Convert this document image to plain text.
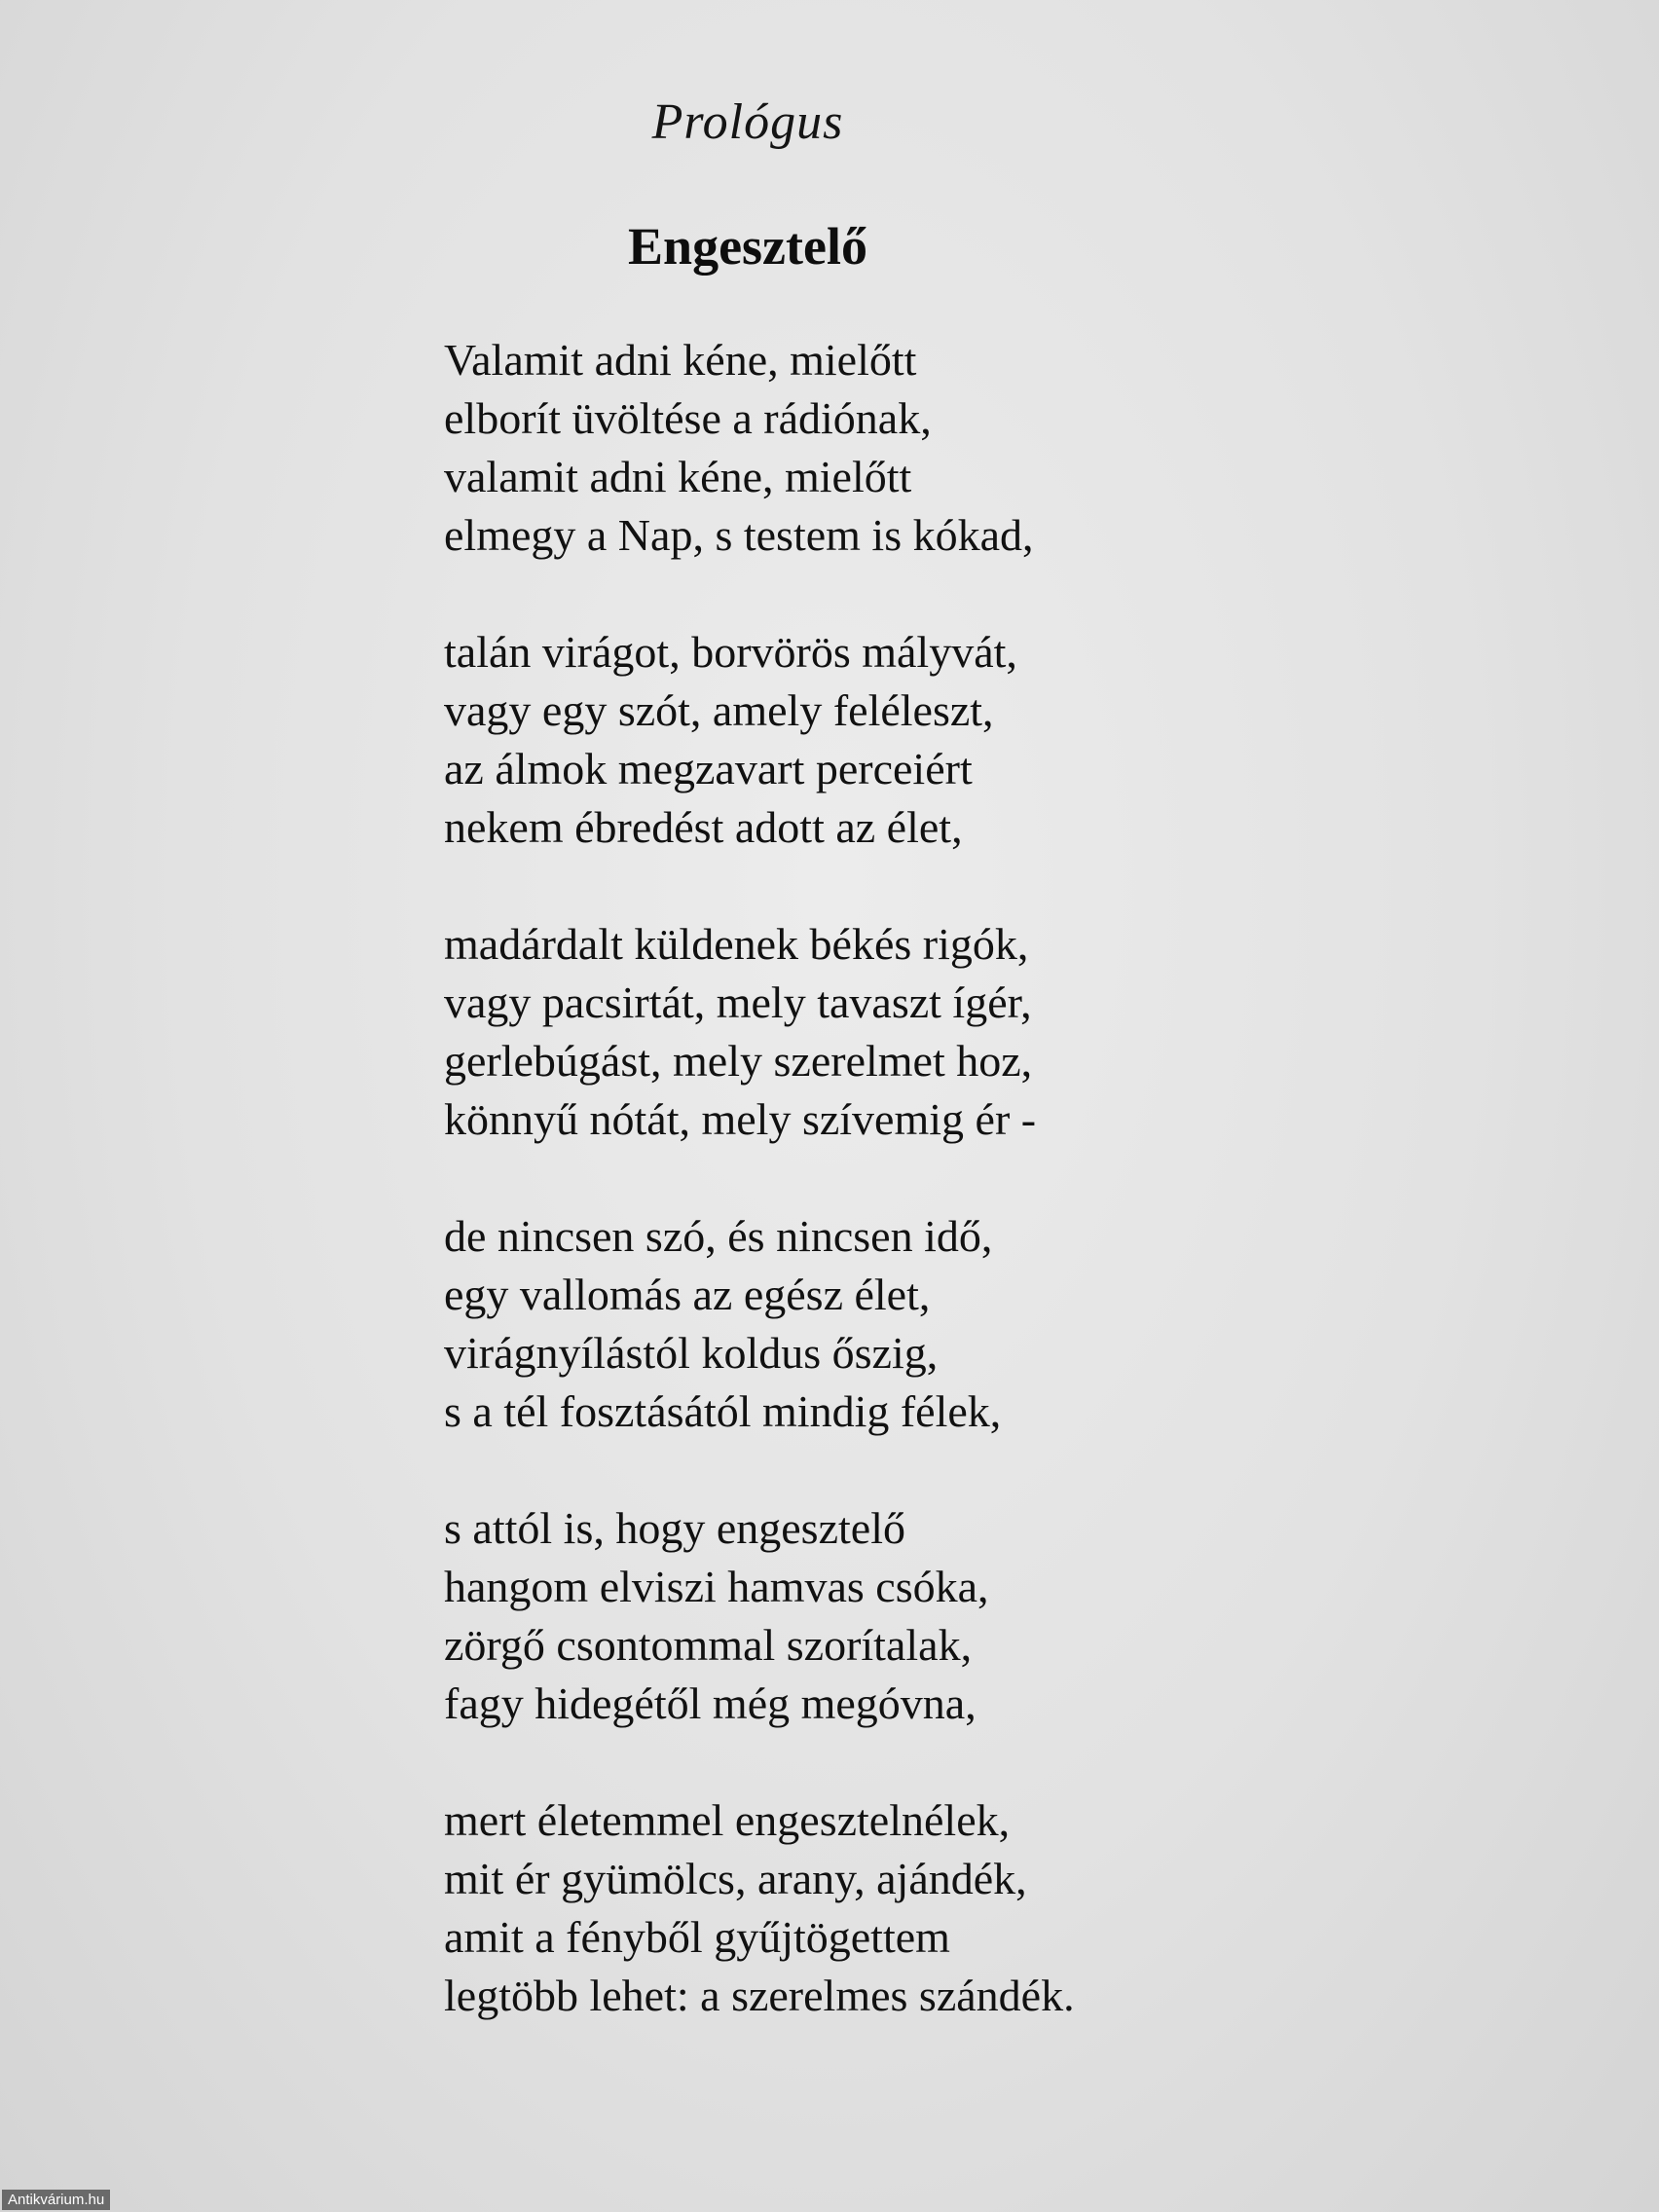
Prológus
Engesztelő
Valamit adni kéne, mielőtt
elborít üvöltése a rádiónak,
valamit adni kéne, mielőtt
elmegy a Nap, s testem is kókad,
talán virágot, borvörös mályvát,
vagy egy szót, amely feléleszt,
az álmok megzavart perceiért
nekem ébredést adott az élet,
madárdalt küldenek békés rigók,
vagy pacsirtát, mely tavaszt ígér,
gerlebúgást, mely szerelmet hoz,
könnyű nótát, mely szívemig ér -
de nincsen szó, és nincsen idő,
egy vallomás az egész élet,
virágnyílástól koldus őszig,
s a tél fosztásától mindig félek,
s attól is, hogy engesztelő
hangom elviszi hamvas csóka,
zörgő csontommal szorítalak,
fagy hidegétől még megóvna,
mert életemmel engesztelnélek,
mit ér gyümölcs, arany, ajándék,
amit a fényből gyűjtögettem
legtöbb lehet: a szerelmes szándék.
Antikvárium.hu
